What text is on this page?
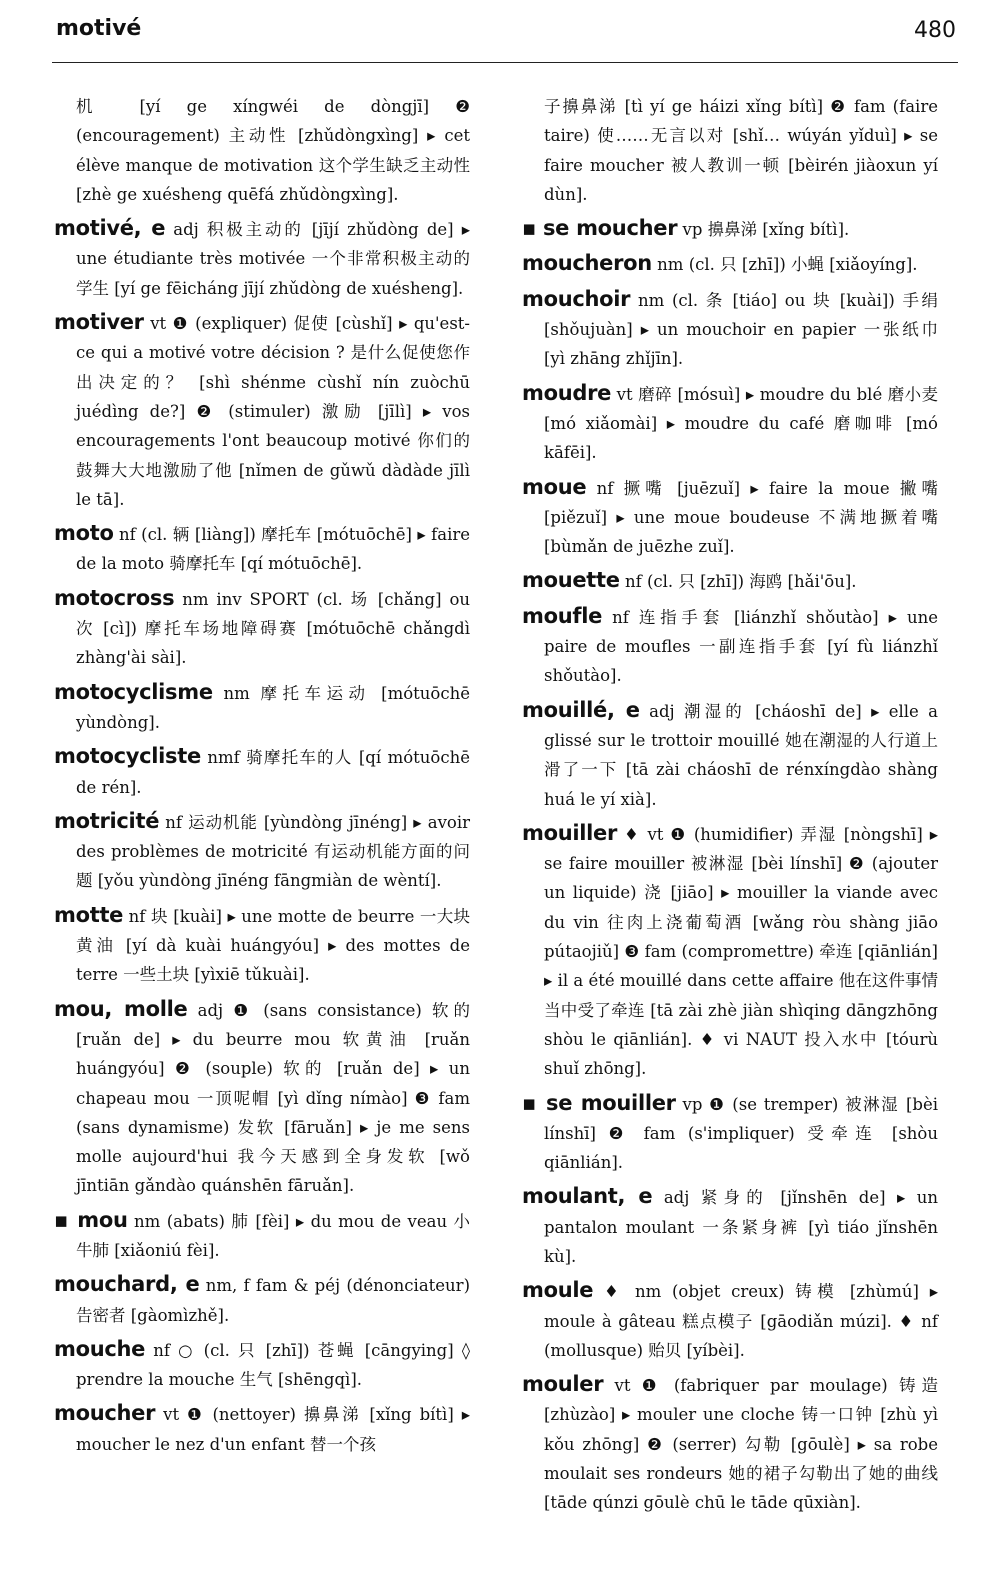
motivé	480

机 [yí ge xíngwéi de dòngjī] ❷ (encouragement) 主动性 [zhǔdòngxìng] ▸ cet élève manque de motivation 这个学生缺乏主动性 [zhè ge xuésheng quēfá zhǔdòngxìng].

motivé, e adj 积极主动的 [jījí zhǔdòng de] ▸ une étudiante très motivée 一个非常积极主动的学生 [yí ge fēicháng jījí zhǔdòng de xuésheng].

motiver vt ❶ (expliquer) 促使 [cùshǐ] ▸ qu'est-ce qui a motivé votre décision ? 是什么促使您作出决定的？ [shì shénme cùshǐ nín zuòchū juédìng de?] ❷ (stimuler) 激励 [jīlì] ▸ vos encouragements l'ont beaucoup motivé 你们的鼓舞大大地激励了他 [nǐmen de gǔwǔ dàdàde jīlì le tā].

moto nf (cl. 辆 [liàng]) 摩托车 [mótuōchē] ▸ faire de la moto 骑摩托车 [qí mótuōchē].

motocross nm inv SPORT (cl. 场 [chǎng] ou 次 [cì]) 摩托车场地障碍赛 [mótuōchē chǎngdì zhàng'ài sài].

motocyclisme nm 摩托车运动 [mótuōchē yùndòng].

motocycliste nmf 骑摩托车的人 [qí mótuōchē de rén].

motricité nf 运动机能 [yùndòng jīnéng] ▸ avoir des problèmes de motricité 有运动机能方面的问题 [yǒu yùndòng jīnéng fāngmiàn de wèntí].

motte nf 块 [kuài] ▸ une motte de beurre 一大块黄油 [yí dà kuài huángyóu] ▸ des mottes de terre 一些土块 [yìxiē tǔkuài].

mou, molle adj ❶ (sans consistance) 软的 [ruǎn de] ▸ du beurre mou 软黄油 [ruǎn huángyóu] ❷ (souple) 软的 [ruǎn de] ▸ un chapeau mou 一顶呢帽 [yì dǐng nímào] ❸ fam (sans dynamisme) 发软 [fāruǎn] ▸ je me sens molle aujourd'hui 我今天感到全身发软 [wǒ jīntiān gǎndào quánshēn fāruǎn].

▪ mou nm (abats) 肺 [fèi] ▸ du mou de veau 小牛肺 [xiǎoniú fèi].

mouchard, e nm, f fam & péj (dénonciateur) 告密者 [gàomìzhě].

mouche nf ○ (cl. 只 [zhī]) 苍蝇 [cāngying] ◊ prendre la mouche 生气 [shēngqì].

moucher vt ❶ (nettoyer) 擤鼻涕 [xǐng bítì] ▸ moucher le nez d'un enfant 替一个孩

子擤鼻涕 [tì yí ge háizi xǐng bítì] ❷ fam (faire taire) 使……无言以对 [shǐ… wúyán yǐduì] ▸ se faire moucher 被人教训一顿 [bèirén jiàoxun yí dùn].

▪ se moucher vp 擤鼻涕 [xǐng bítì].

moucheron nm (cl. 只 [zhī]) 小蝇 [xiǎoyíng].

mouchoir nm (cl. 条 [tiáo] ou 块 [kuài]) 手绢 [shǒujuàn] ▸ un mouchoir en papier 一张纸巾 [yì zhāng zhǐjīn].

moudre vt 磨碎 [mósuì] ▸ moudre du blé 磨小麦 [mó xiǎomài] ▸ moudre du café 磨咖啡 [mó kāfēi].

moue nf 撅嘴 [juēzuǐ] ▸ faire la moue 撇嘴 [piězuǐ] ▸ une moue boudeuse 不满地撅着嘴 [bùmǎn de juēzhe zuǐ].

mouette nf (cl. 只 [zhī]) 海鸥 [hǎi'ōu].

moufle nf 连指手套 [liánzhǐ shǒutào] ▸ une paire de moufles 一副连指手套 [yí fù liánzhǐ shǒutào].

mouillé, e adj 潮湿的 [cháoshī de] ▸ elle a glissé sur le trottoir mouillé 她在潮湿的人行道上滑了一下 [tā zài cháoshī de rénxíngdào shàng huá le yí xià].

mouiller ♦ vt ❶ (humidifier) 弄湿 [nòngshī] ▸ se faire mouiller 被淋湿 [bèi línshī] ❷ (ajouter un liquide) 浇 [jiāo] ▸ mouiller la viande avec du vin 往肉上浇葡萄酒 [wǎng ròu shàng jiāo pútaojiǔ] ❸ fam (compromettre) 牵连 [qiānlián] ▸ il a été mouillé dans cette affaire 他在这件事情当中受了牵连 [tā zài zhè jiàn shìqing dāngzhōng shòu le qiānlián]. ♦ vi NAUT 投入水中 [tóurù shuǐ zhōng].

▪ se mouiller vp ❶ (se tremper) 被淋湿 [bèi línshī] ❷ fam (s'impliquer) 受牵连 [shòu qiānlián].

moulant, e adj 紧身的 [jǐnshēn de] ▸ un pantalon moulant 一条紧身裤 [yì tiáo jǐnshēn kù].

moule ♦ nm (objet creux) 铸模 [zhùmú] ▸ moule à gâteau 糕点模子 [gāodiǎn múzi]. ♦ nf (mollusque) 贻贝 [yíbèi].

mouler vt ❶ (fabriquer par moulage) 铸造 [zhùzào] ▸ mouler une cloche 铸一口钟 [zhù yì kǒu zhōng] ❷ (serrer) 勾勒 [gōulè] ▸ sa robe moulait ses rondeurs 她的裙子勾勒出了她的曲线 [tāde qúnzi gōulè chū le tāde qūxiàn].
